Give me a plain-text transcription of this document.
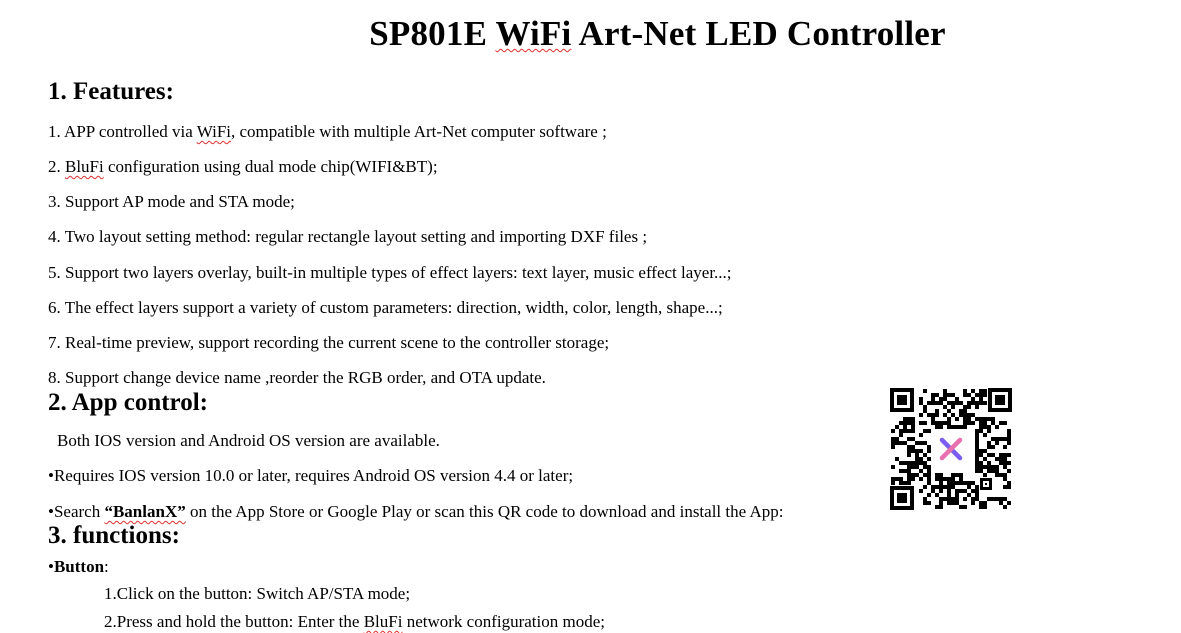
SP801E WiFi Art-Net LED Controller
1. Features:
1. APP controlled via WiFi, compatible with multiple Art-Net computer software ;
2. BluFi configuration using dual mode chip(WIFI&BT);
3. Support AP mode and STA mode;
4. Two layout setting method: regular rectangle layout setting and importing DXF files ;
5. Support two layers overlay, built-in multiple types of effect layers: text layer, music effect layer...;
6. The effect layers support a variety of custom parameters: direction, width, color, length, shape...;
7. Real-time preview, support recording the current scene to the controller storage;
8. Support change device name ,reorder the RGB order, and OTA update.
2. App control:
Both IOS version and Android OS version are available.
•Requires IOS version 10.0 or later, requires Android OS version 4.4 or later;
•Search “BanlanX” on the App Store or Google Play or scan this QR code to download and install the App:
3. functions:
•Button:
1.Click on the button: Switch AP/STA mode;
2.Press and hold the button: Enter the BluFi network configuration mode;
